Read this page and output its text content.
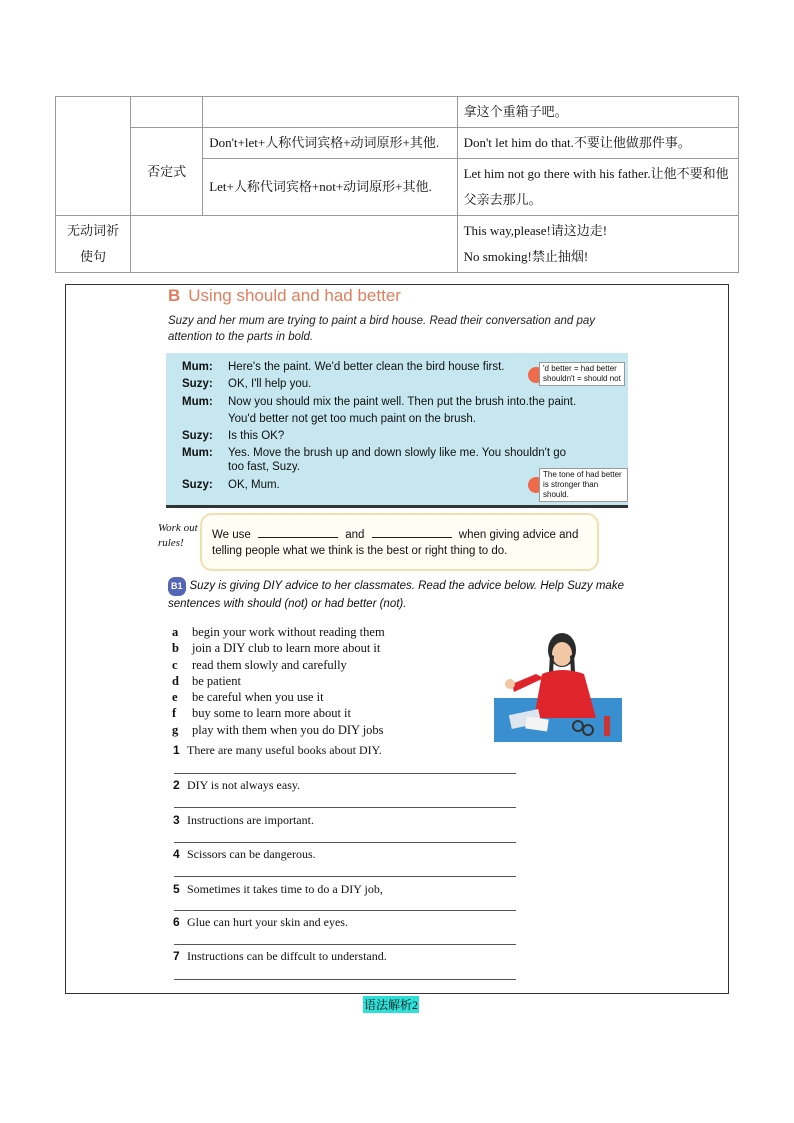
			拿这个重箱子吧。
	否定式	Don't+let+人称代词宾格+动词原形+其他.	Don't let him do that.不要让他做那件事。
		Let+人称代词宾格+not+动词原形+其他.	Let him not go there with his father.让他不要和他父亲去那儿。
无动词祈使句			This way,please!请这边走!
No smoking!禁止抽烟!
B Using should and had better
Suzy and her mum are trying to paint a bird house. Read their conversation and pay attention to the parts in bold.
Mum: Here's the paint. We'd better clean the bird house first.
Suzy: OK, I'll help you.
Mum: Now you should mix the paint well. Then put the brush into.the paint.
You'd better not get too much paint on the brush.
Suzy: Is this OK?
Mum: Yes. Move the brush up and down slowly like me. You shouldn't go
too fast, Suzy.
Suzy: OK, Mum.
'd better = had better
shouldn't = should not
The tone of had better
is stronger than should.
Work out rules!
We use	and	when giving advice and
telling people what we think is the best or right thing to do.
B1 Suzy is giving DIY advice to her classmates. Read the advice below. Help Suzy make sentences with should (not) or had better (not).
a begin your work without reading them
b join a DIY club to learn more about it
c read them slowly and carefully
d be patient
e be careful when you use it
f buy some to learn more about it
g play with them when you do DIY jobs
1 There are many useful books about DIY.
2 DIY is not always easy.
3 Instructions are important.
4 Scissors can be dangerous.
5 Sometimes it takes time to do a DIY job,
6 Glue can hurt your skin and eyes.
7 Instructions can be diffcult to understand.
语法解析2
